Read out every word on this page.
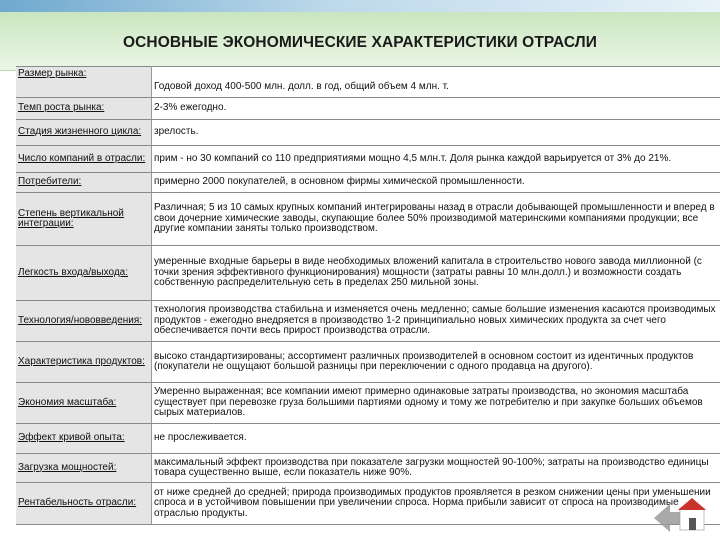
ОСНОВНЫЕ ЭКОНОМИЧЕСКИЕ ХАРАКТЕРИСТИКИ ОТРАСЛИ
Размер рынка:	Годовой доход 400-500 млн. долл. в год, общий объем 4 млн. т.
Темп роста рынка:	2-3% ежегодно.
Стадия жизненного цикла:	зрелость.
Число компаний в отрасли:	прим - но 30 компаний со 110 предприятиями мощно 4,5 млн.т. Доля рынка каждой варьируется от 3% до 21%.
Потребители:	примерно 2000 покупателей, в основном фирмы химической промышленности.
Степень вертикальной интеграции:	Различная; 5 из 10 самых крупных компаний интегрированы назад в отрасли добывающей промышленности и вперед в свои дочерние химические заводы, скупающие более 50% производимой материнскими компаниями продукции; все другие компании заняты только производством.
Легкость входа/выхода:	умеренные входные барьеры в виде необходимых вложений капитала в строительство нового завода миллионной (с точки зрения эффективного функционирования) мощности (затраты равны 10 млн.долл.) и возможности создать собственную распределительную сеть в пределах 250 мильной зоны.
Технология/нововведения:	технология производства стабильна и изменяется очень медленно; самые большие изменения касаются производимых продуктов - ежегодно внедряется в производство 1-2 принципиально новых химических продукта за счет чего обеспечивается почти весь прирост производства отрасли.
Характеристика продуктов:	высоко стандартизированы; ассортимент различных производителей в основном состоит из идентичных продуктов (покупатели не ощущают большой разницы при переключении с одного продавца на другого).
Экономия масштаба:	Умеренно выраженная; все компании имеют примерно одинаковые затраты производства, но экономия масштаба существует при перевозке груза большими партиями одному и тому же потребителю и при закупке больших объемов сырых материалов.
Эффект кривой опыта:	не прослеживается.
Загрузка мощностей:	максимальный эффект производства при показателе загрузки мощностей 90-100%; затраты на производство единицы товара существенно выше, если показатель ниже 90%.
Рентабельность отрасли:	от ниже средней до средней; природа производимых продуктов проявляется в резком снижении цены при уменьшении спроса и в устойчивом повышении при увеличении спроса. Норма прибыли зависит от спроса на производимые отраслью продукты.
